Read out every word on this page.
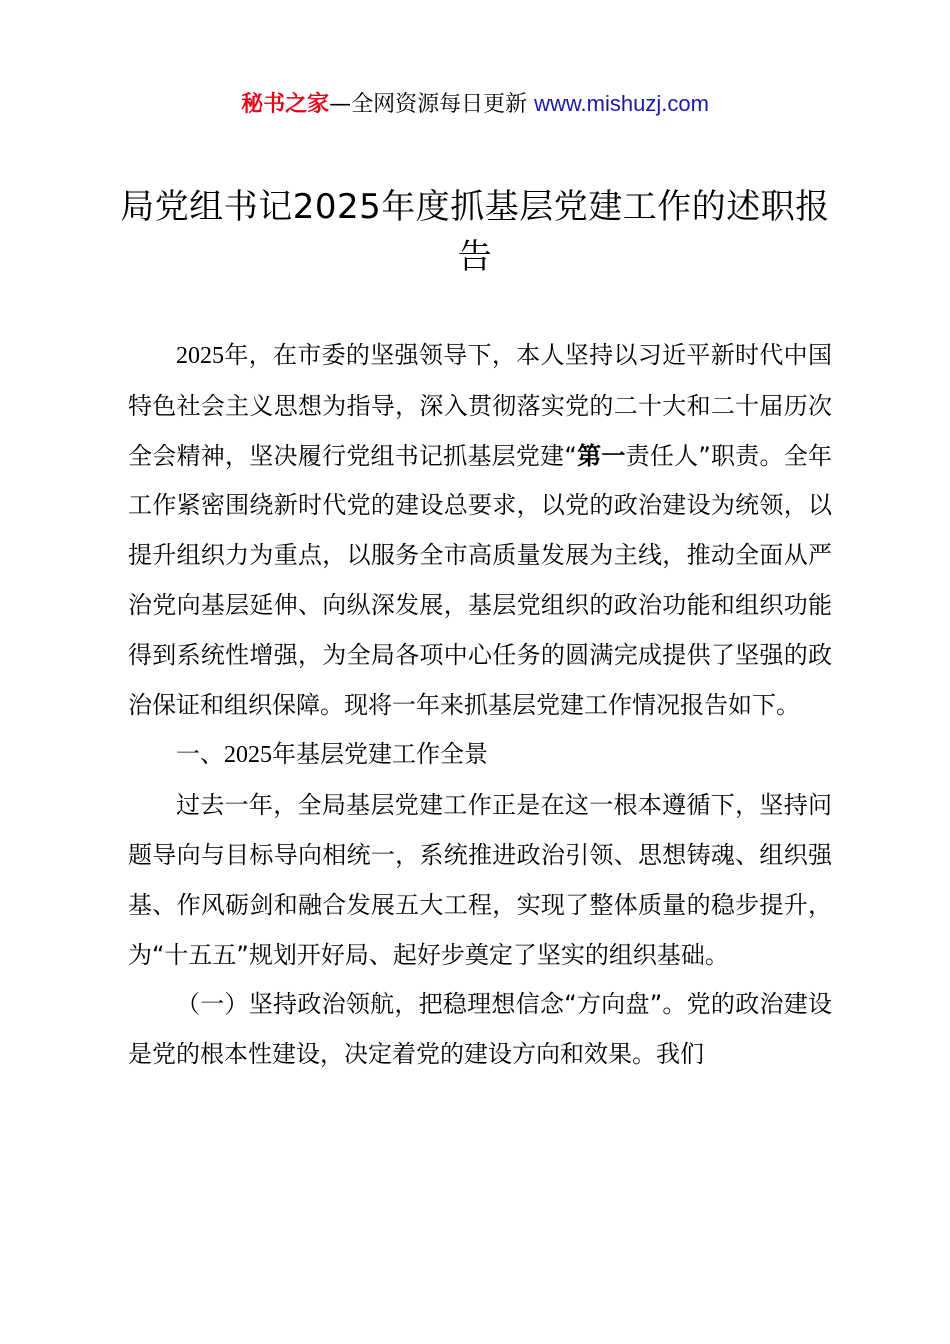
秘书之家—全网资源每日更新 www.mishuzj.com
局党组书记2025年度抓基层党建工作的述职报告

2025年，在市委的坚强领导下，本人坚持以习近平新时代中国特色社会主义思想为指导，深入贯彻落实党的二十大和二十届历次全会精神，坚决履行党组书记抓基层党建“第一责任人”职责。全年工作紧密围绕新时代党的建设总要求，以党的政治建设为统领，以提升组织力为重点，以服务全市高质量发展为主线，推动全面从严治党向基层延伸、向纵深发展，基层党组织的政治功能和组织功能得到系统性增强，为全局各项中心任务的圆满完成提供了坚强的政治保证和组织保障。现将一年来抓基层党建工作情况报告如下。

一、2025年基层党建工作全景

过去一年，全局基层党建工作正是在这一根本遵循下，坚持问题导向与目标导向相统一，系统推进政治引领、思想铸魂、组织强基、作风砺剑和融合发展五大工程，实现了整体质量的稳步提升，为“十五五”规划开好局、起好步奠定了坚实的组织基础。

（一）坚持政治领航，把稳理想信念“方向盘”。党的政治建设是党的根本性建设，决定着党的建设方向和效果。我们
